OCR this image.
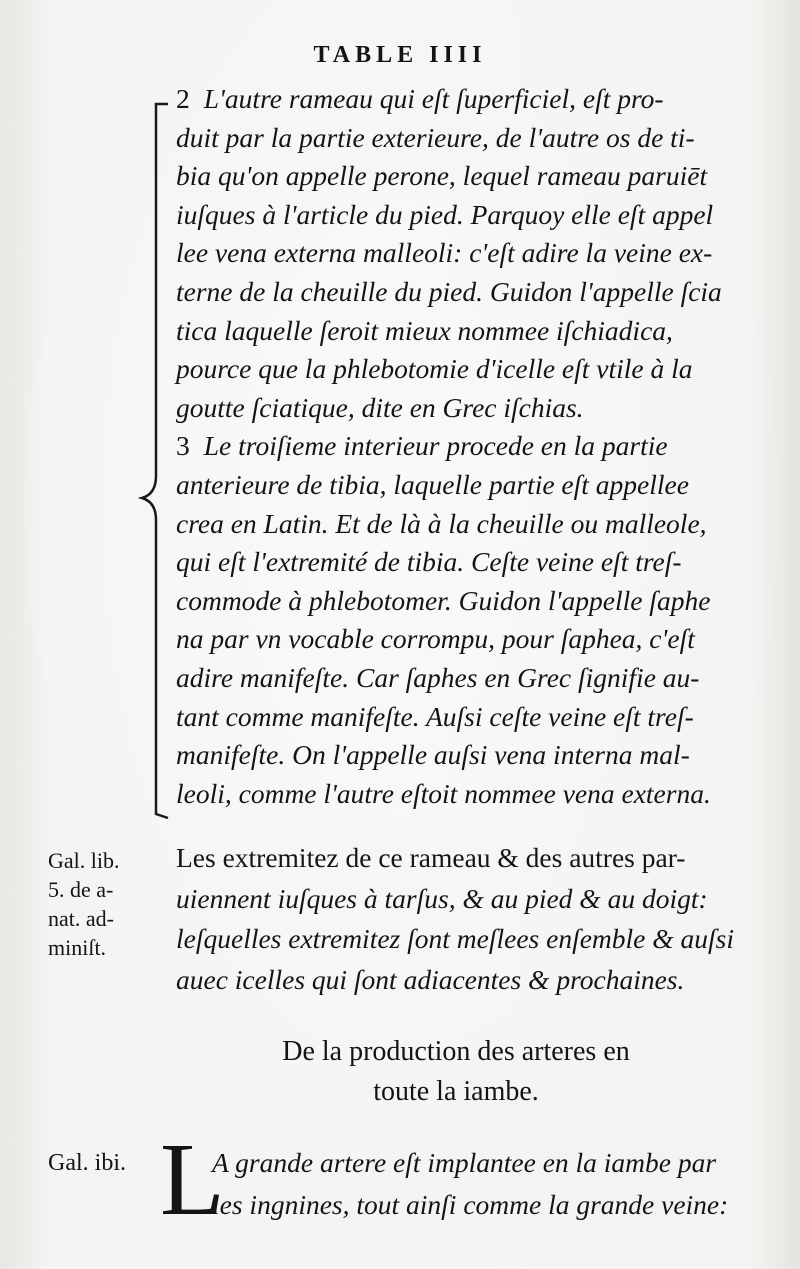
TABLE IIII
2 L'autre rameau qui eſt ſuperficiel, eſt pro-
duit par la partie exterieure, de l'autre os de ti-
bia qu'on appelle perone, lequel rameau paruiēt
iuſques à l'article du pied. Parquoy elle eſt appel
lee vena externa malleoli: c'eſt adire la veine ex-
terne de la cheuille du pied. Guidon l'appelle ſcia
tica laquelle ſeroit mieux nommee iſchiadica,
pource que la phlebotomie d'icelle eſt vtile à la
goutte ſciatique, dite en Grec iſchias.
3 Le troiſieme interieur procede en la partie
anterieure de tibia, laquelle partie eſt appellee
crea en Latin. Et de là à la cheuille ou malleole,
qui eſt l'extremité de tibia. Ceſte veine eſt treſ-
commode à phlebotomer. Guidon l'appelle ſaphe
na par vn vocable corrompu, pour ſaphea, c'eſt
adire manifeſte. Car ſaphes en Grec ſignifie au-
tant comme manifeſte. Auſsi ceſte veine eſt treſ-
manifeſte. On l'appelle auſsi vena interna mal-
leoli, comme l'autre eſtoit nommee vena externa.
Gal. lib.
5. de a-
nat. ad-
miniſt.
Les extremitez de ce rameau & des autres par-
uiennent iuſques à tarſus, & au pied & au doigt:
leſquelles extremitez ſont meſlees enſemble & auſsi
auec icelles qui ſont adiacentes & prochaines.
De la production des arteres en
toute la iambe.
Gal. ibi. L
A grande artere eſt implantee en la iambe par
les ingnines, tout ainſi comme la grande veine:
